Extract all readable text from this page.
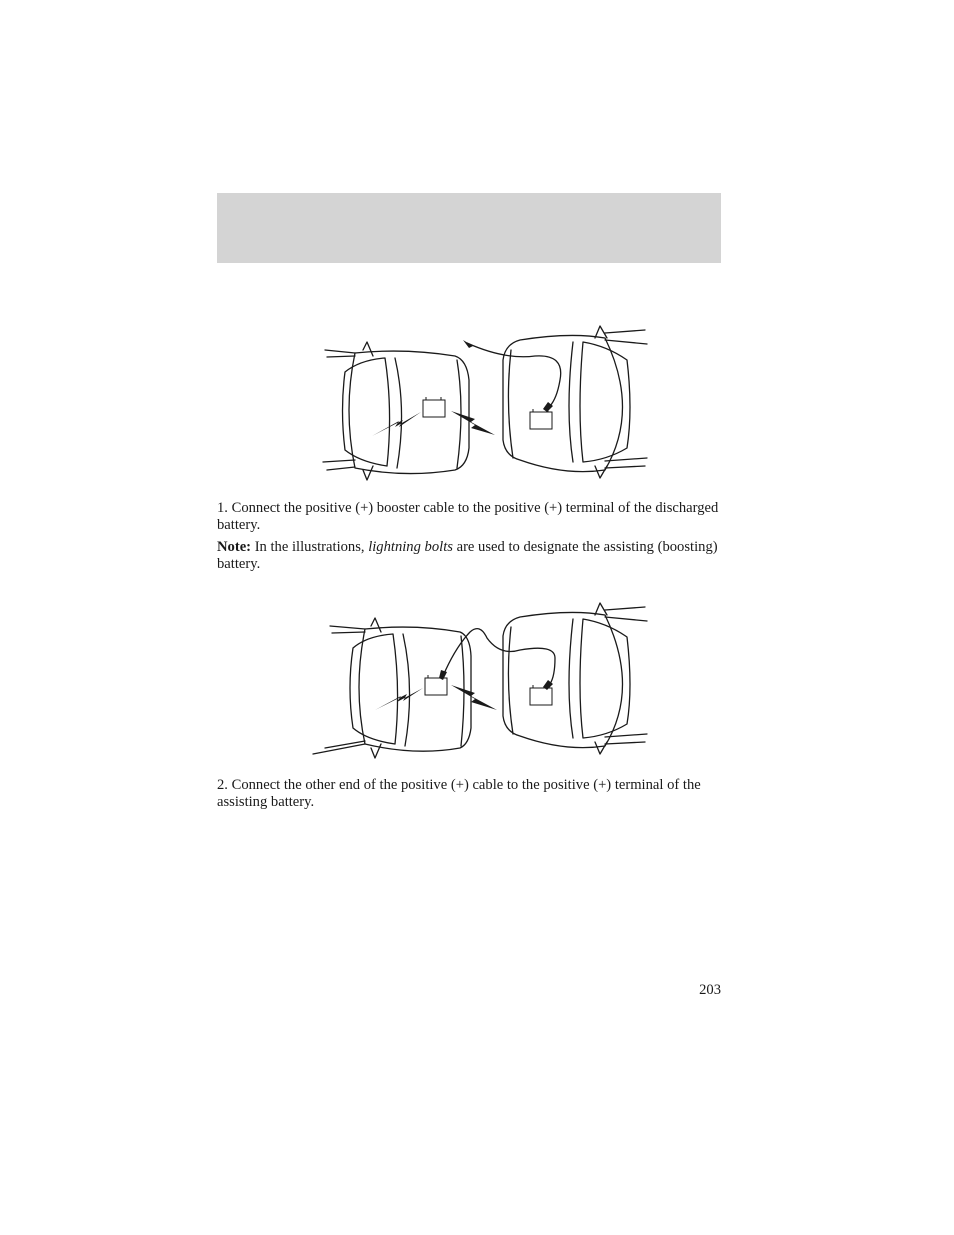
1. Connect the positive (+) booster cable to the positive (+) terminal of the discharged battery.

Note: In the illustrations, lightning bolts are used to designate the assisting (boosting) battery.

2. Connect the other end of the positive (+) cable to the positive (+) terminal of the assisting battery.

203
